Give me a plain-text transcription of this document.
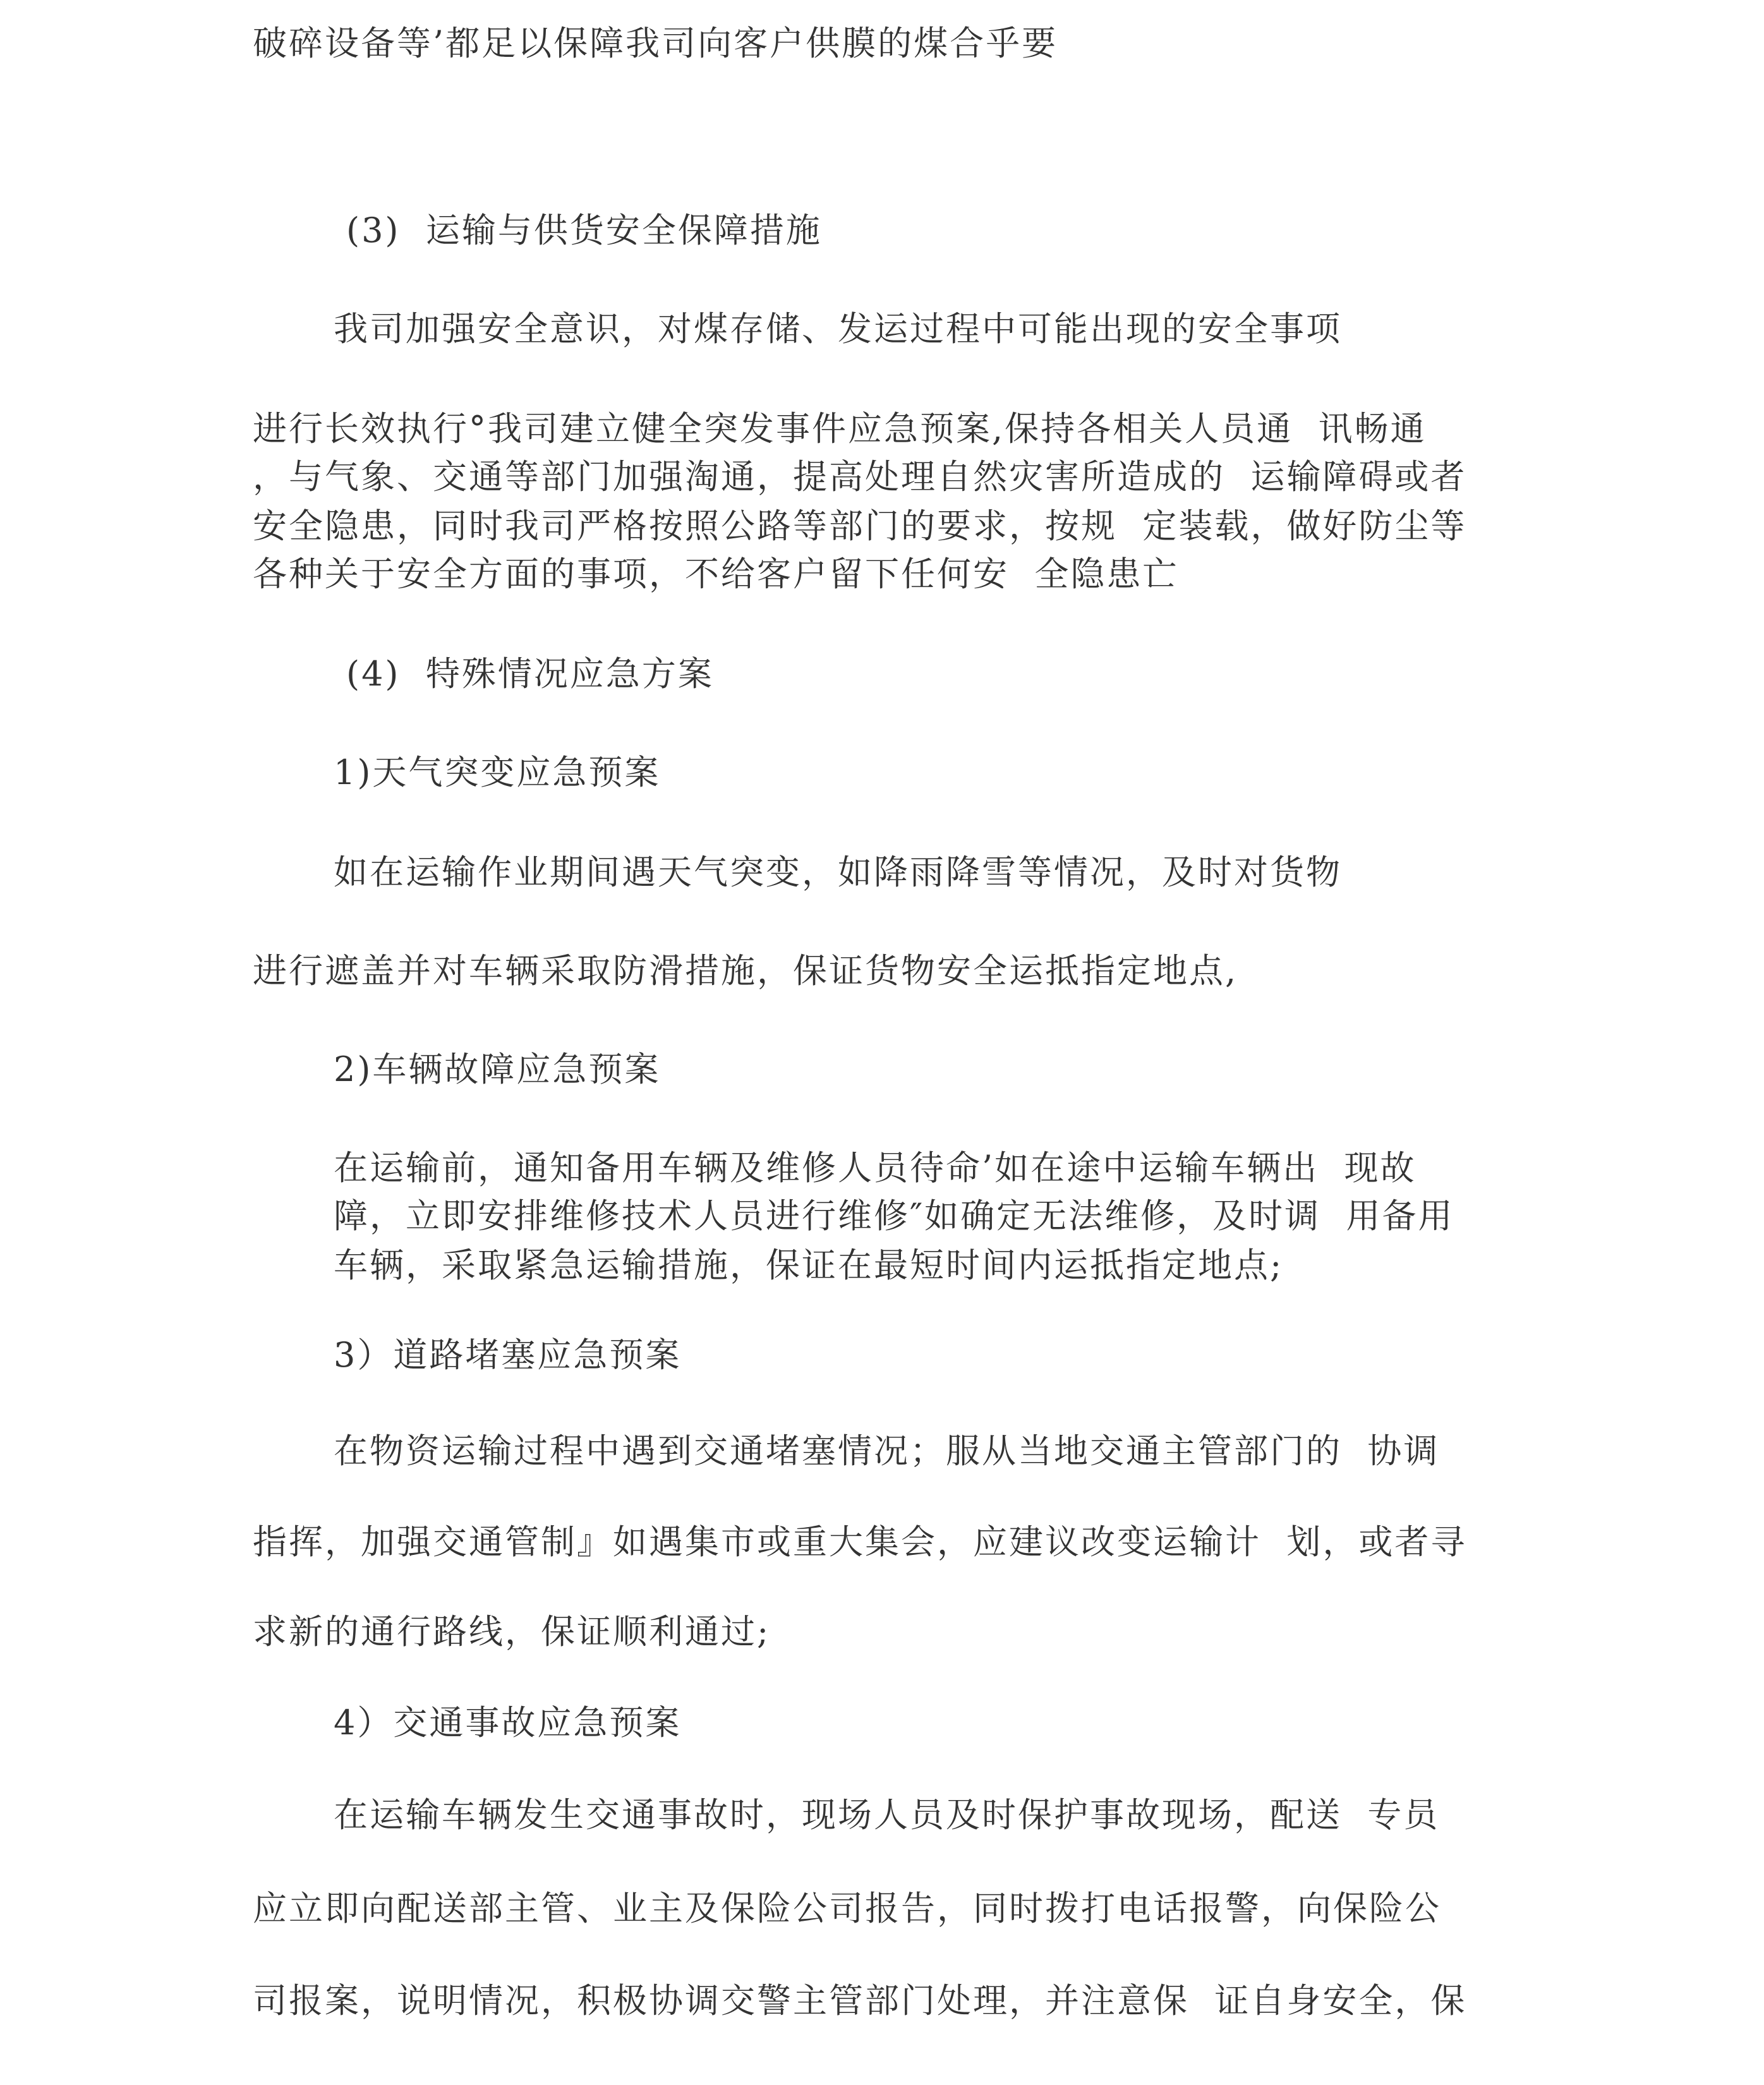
破碎设备等’都足以保障我司向客户供膜的煤合乎要

(3)  运输与供货安全保障措施

我司加强安全意识，对煤存储、发运过程中可能出现的安全事项

进行长效执行°我司建立健全突发事件应急预案,保持各相关人员通  讯畅通

，与气象、交通等部门加强淘通，提高处理自然灾害所造成的  运输障碍或者

安全隐患，同时我司严格按照公路等部门的要求，按规  定装载，做好防尘等

各种关于安全方面的事项，不给客户留下任何安  全隐患亡

(4)  特殊情况应急方案

1)天气突变应急预案

如在运输作业期间遇天气突变，如降雨降雪等情况，及时对货物

进行遮盖并对车辆采取防滑措施，保证货物安全运抵指定地点,

2)车辆故障应急预案

在运输前，通知备用车辆及维修人员待命’如在途中运输车辆出  现故

障，立即安排维修技术人员进行维修″如确定无法维修，及时调  用备用

车辆，采取紧急运输措施，保证在最短时间内运抵指定地点;

3）道路堵塞应急预案

在物资运输过程中遇到交通堵塞情况；服从当地交通主管部门的  协调

指挥，加强交通管制』如遇集市或重大集会，应建议改变运输计  划，或者寻

求新的通行路线，保证顺利通过;

4）交通事故应急预案

在运输车辆发生交通事故时，现场人员及时保护事故现场，配送  专员

应立即向配送部主管、业主及保险公司报告，同时拨打电话报警，向保险公

司报案，说明情况，积极协调交警主管部门处理，并注意保  证自身安全，保
